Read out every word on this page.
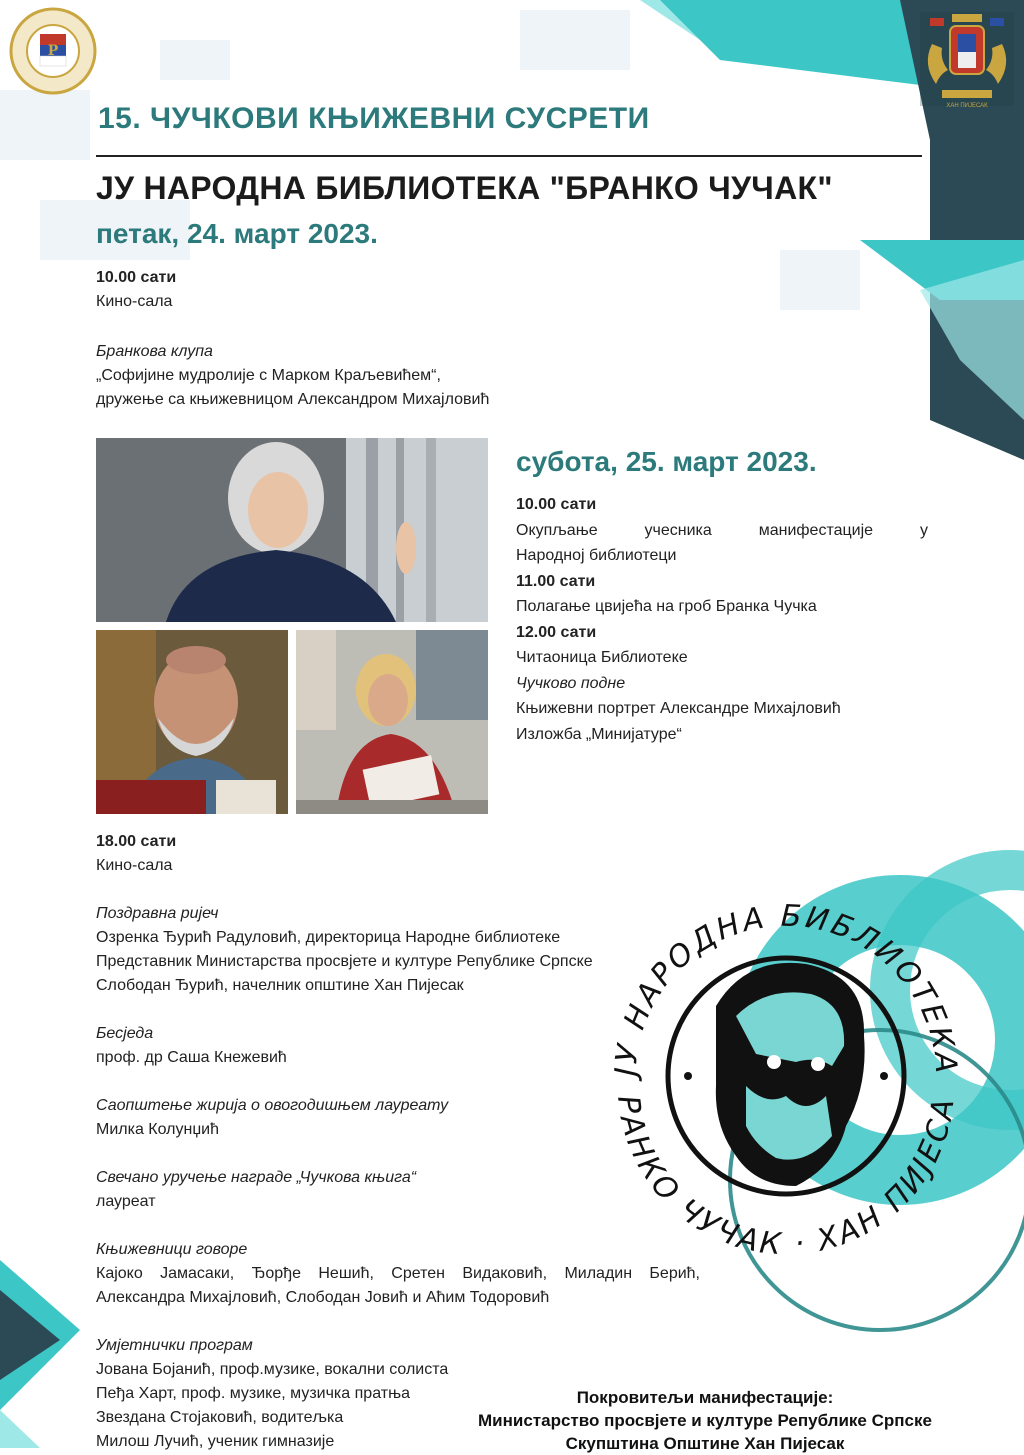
Р
ХАН ПИЈЕСАК
15. ЧУЧКОВИ КЊИЖЕВНИ СУСРЕТИ
ЈУ НАРОДНА БИБЛИОТЕКА "БРАНКО ЧУЧАК"
петак, 24. март 2023.
10.00 сати
Кино-сала
Бранкова клупа
„Софијине мудролије с Марком Краљевићем“,
дружење са књижевницом Александром Михајловић
субота, 25. март 2023.
10.00 сати
Окупљање учесника манифестације у
Народној библиотеци
11.00 сати
Полагање цвијећа на гроб Бранка Чучка
12.00 сати
Читаоница Библиотеке
Чучково подне
Књижевни портрет Александре Михајловић
Изложба „Минијатуре“
18.00 сати
Кино-сала
Поздравна ријеч
Озренка Ђурић Радуловић, директорица Народне библиотеке
Представник Министарства просвјете и културе Републике Српске
Слободан Ђурић, начелник општине Хан Пијесак
Бесједа
проф. др Саша Кнежевић
Саопштење жирија о овогодишњем лауреату
Милка Колунџић
Свечано уручење награде „Чучкова књига“
лауреат
Књижевници говоре
Кајоко Јамасаки, Ђорђе Нешић, Сретен Видаковић, Миладин Берић,
Александра Михајловић, Слободан Јовић и Аћим Тодоровић
Умјетнички програм
Јована Бојанић, проф.музике, вокални солиста
Пеђа Харт, проф. музике, музичка пратња
Звездана Стојаковић, водитељка
Милош Лучић, ученик гимназије
ЈУ НАРОДНА БИБЛИОТЕКА
РАНКО ЧУЧАК · ХАН ПИЈЕСА
Покровитељи манифестације:
Министарство просвјете и културе Републике Српске
Скупштина Општине Хан Пијесак
